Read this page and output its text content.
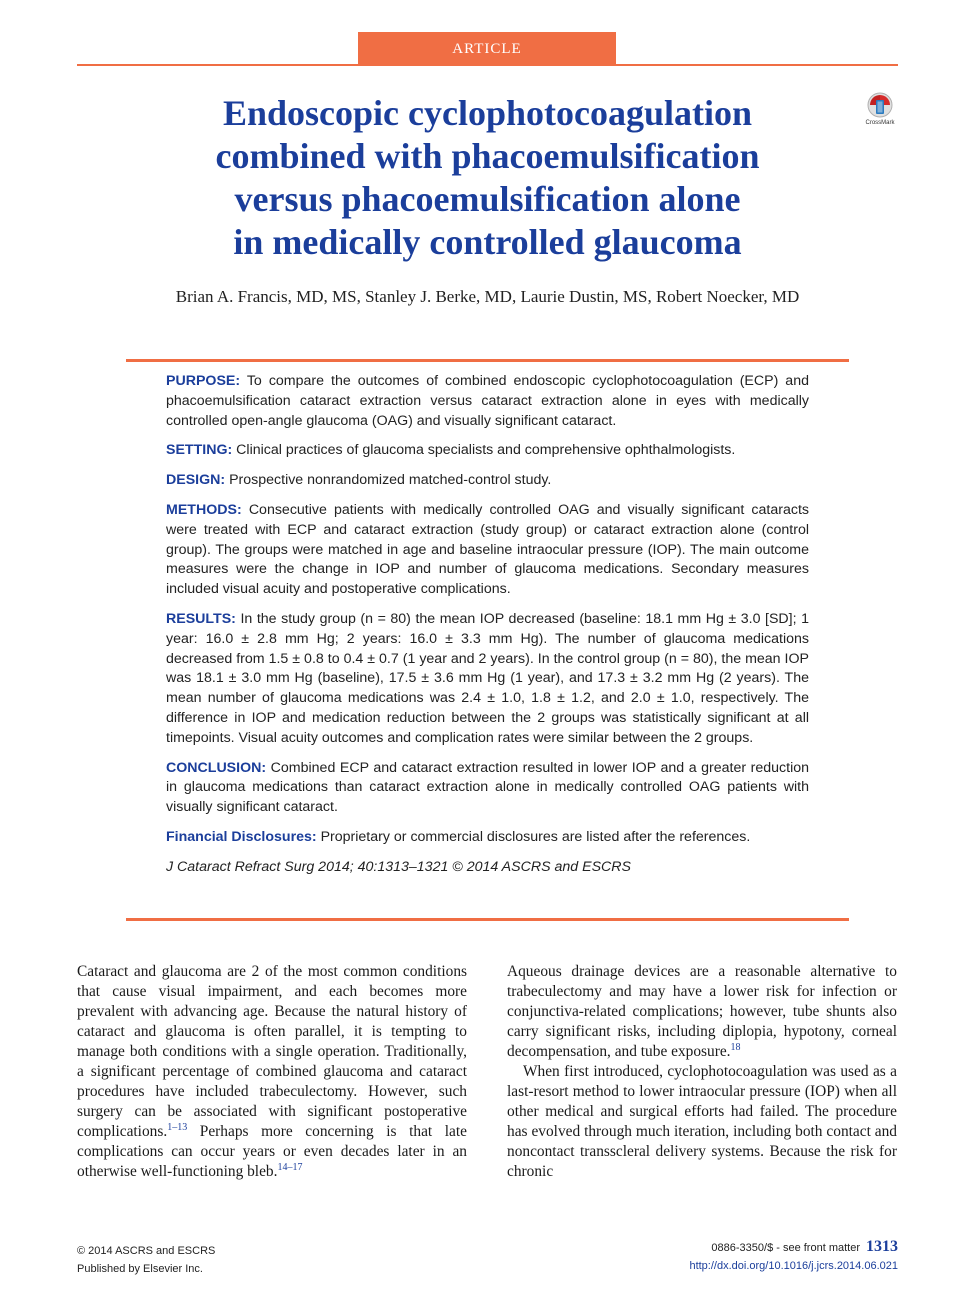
ARTICLE
Endoscopic cyclophotocoagulation
combined with phacoemulsification
versus phacoemulsification alone
in medically controlled glaucoma
CrossMark
Brian A. Francis, MD, MS, Stanley J. Berke, MD, Laurie Dustin, MS, Robert Noecker, MD

PURPOSE: To compare the outcomes of combined endoscopic cyclophotocoagulation (ECP) and phacoemulsification cataract extraction versus cataract extraction alone in eyes with medically controlled open-angle glaucoma (OAG) and visually significant cataract.

SETTING: Clinical practices of glaucoma specialists and comprehensive ophthalmologists.

DESIGN: Prospective nonrandomized matched-control study.

METHODS: Consecutive patients with medically controlled OAG and visually significant cataracts were treated with ECP and cataract extraction (study group) or cataract extraction alone (control group). The groups were matched in age and baseline intraocular pressure (IOP). The main outcome measures were the change in IOP and number of glaucoma medications. Secondary measures included visual acuity and postoperative complications.

RESULTS: In the study group (n = 80) the mean IOP decreased (baseline: 18.1 mm Hg ± 3.0 [SD]; 1 year: 16.0 ± 2.8 mm Hg; 2 years: 16.0 ± 3.3 mm Hg). The number of glaucoma medications decreased from 1.5 ± 0.8 to 0.4 ± 0.7 (1 year and 2 years). In the control group (n = 80), the mean IOP was 18.1 ± 3.0 mm Hg (baseline), 17.5 ± 3.6 mm Hg (1 year), and 17.3 ± 3.2 mm Hg (2 years). The mean number of glaucoma medications was 2.4 ± 1.0, 1.8 ± 1.2, and 2.0 ± 1.0, respectively. The difference in IOP and medication reduction between the 2 groups was statistically significant at all timepoints. Visual acuity outcomes and complication rates were similar between the 2 groups.

CONCLUSION: Combined ECP and cataract extraction resulted in lower IOP and a greater reduction in glaucoma medications than cataract extraction alone in medically controlled OAG patients with visually significant cataract.

Financial Disclosures: Proprietary or commercial disclosures are listed after the references.

J Cataract Refract Surg 2014; 40:1313–1321 © 2014 ASCRS and ESCRS

Cataract and glaucoma are 2 of the most common conditions that cause visual impairment, and each becomes more prevalent with advancing age. Because the natural history of cataract and glaucoma is often parallel, it is tempting to manage both conditions with a single operation. Traditionally, a significant percentage of combined glaucoma and cataract procedures have included trabeculectomy. However, such surgery can be associated with significant postoperative complications.$^{1-13}$ Perhaps more concerning is that late complications can occur years or even decades later in an otherwise well-functioning bleb.$^{14-17}$

Aqueous drainage devices are a reasonable alternative to trabeculectomy and may have a lower risk for infection or conjunctiva-related complications; however, tube shunts also carry significant risks, including diplopia, hypotony, corneal decompensation, and tube exposure.$^{18}$

When first introduced, cyclophotocoagulation was used as a last-resort method to lower intraocular pressure (IOP) when all other medical and surgical efforts had failed. The procedure has evolved through much iteration, including both contact and noncontact transscleral delivery systems. Because the risk for chronic

© 2014 ASCRS and ESCRS
Published by Elsevier Inc.
0886-3350/$ - see front matter 1313
http://dx.doi.org/10.1016/j.jcrs.2014.06.021
